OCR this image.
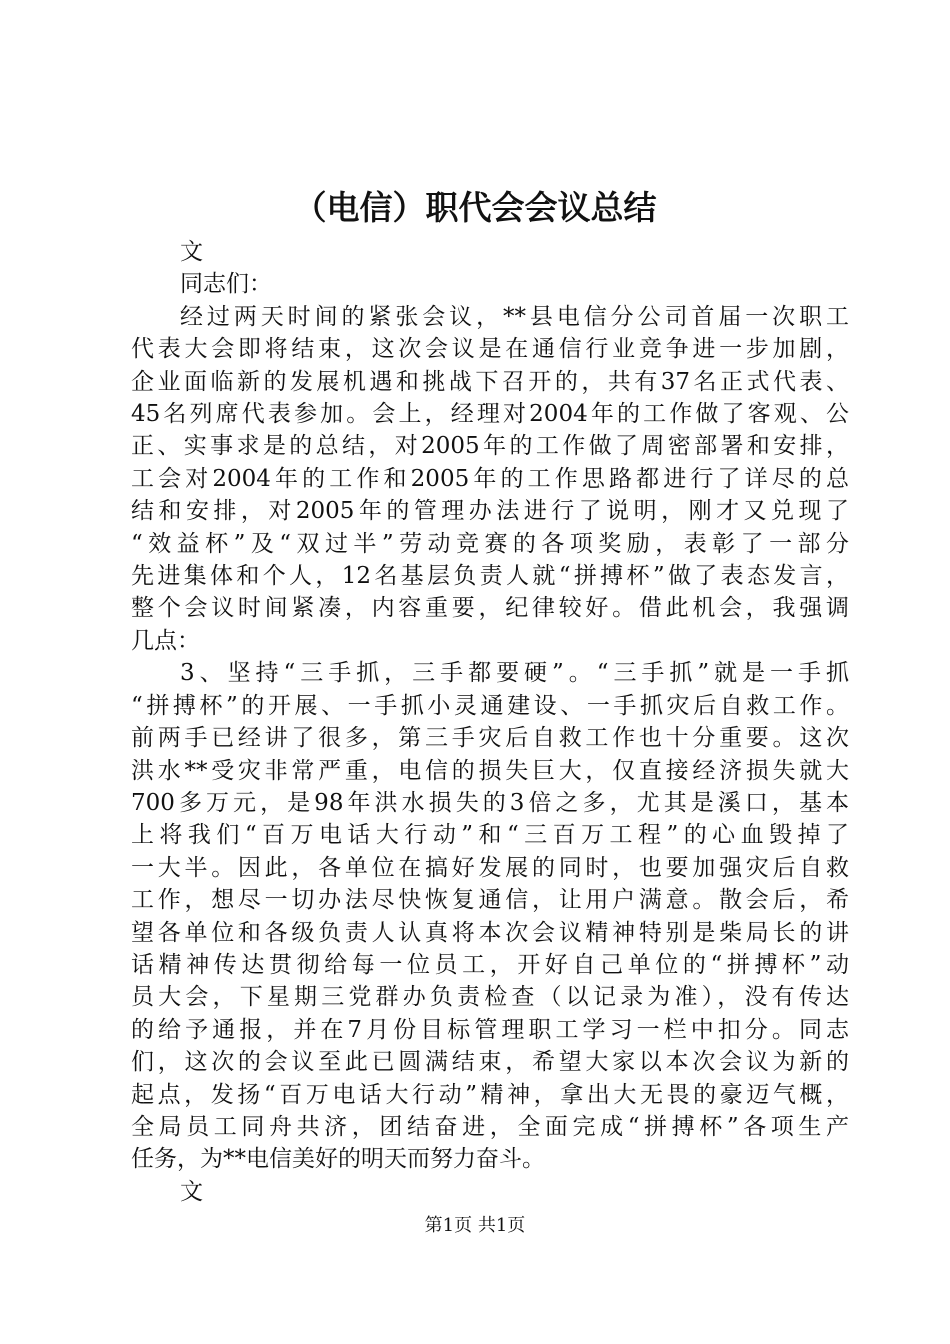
（电信）职代会会议总结
文
同志们：
经过两天时间的紧张会议，**县电信分公司首届一次职工
代表大会即将结束，这次会议是在通信行业竞争进一步加剧，
企业面临新的发展机遇和挑战下召开的，共有37名正式代表、
45名列席代表参加。会上，经理对2004年的工作做了客观、公
正、实事求是的总结，对2005年的工作做了周密部署和安排，
工会对2004年的工作和2005年的工作思路都进行了详尽的总
结和安排，对2005年的管理办法进行了说明，刚才又兑现了
“效益杯”及“双过半”劳动竞赛的各项奖励，表彰了一部分
先进集体和个人，12名基层负责人就“拼搏杯”做了表态发言，
整个会议时间紧凑，内容重要，纪律较好。借此机会，我强调
几点：
3、坚持“三手抓，三手都要硬”。“三手抓”就是一手抓
“拼搏杯”的开展、一手抓小灵通建设、一手抓灾后自救工作。
前两手已经讲了很多，第三手灾后自救工作也十分重要。这次
洪水**受灾非常严重，电信的损失巨大，仅直接经济损失就大
700多万元，是98年洪水损失的3倍之多，尤其是溪口，基本
上将我们“百万电话大行动”和“三百万工程”的心血毁掉了
一大半。因此，各单位在搞好发展的同时，也要加强灾后自救
工作，想尽一切办法尽快恢复通信，让用户满意。散会后，希
望各单位和各级负责人认真将本次会议精神特别是柴局长的讲
话精神传达贯彻给每一位员工，开好自己单位的“拼搏杯”动
员大会，下星期三党群办负责检查（以记录为准），没有传达
的给予通报，并在7月份目标管理职工学习一栏中扣分。同志
们，这次的会议至此已圆满结束，希望大家以本次会议为新的
起点，发扬“百万电话大行动”精神，拿出大无畏的豪迈气概，
全局员工同舟共济，团结奋进，全面完成“拼搏杯”各项生产
任务，为**电信美好的明天而努力奋斗。
文
第1页 共1页
